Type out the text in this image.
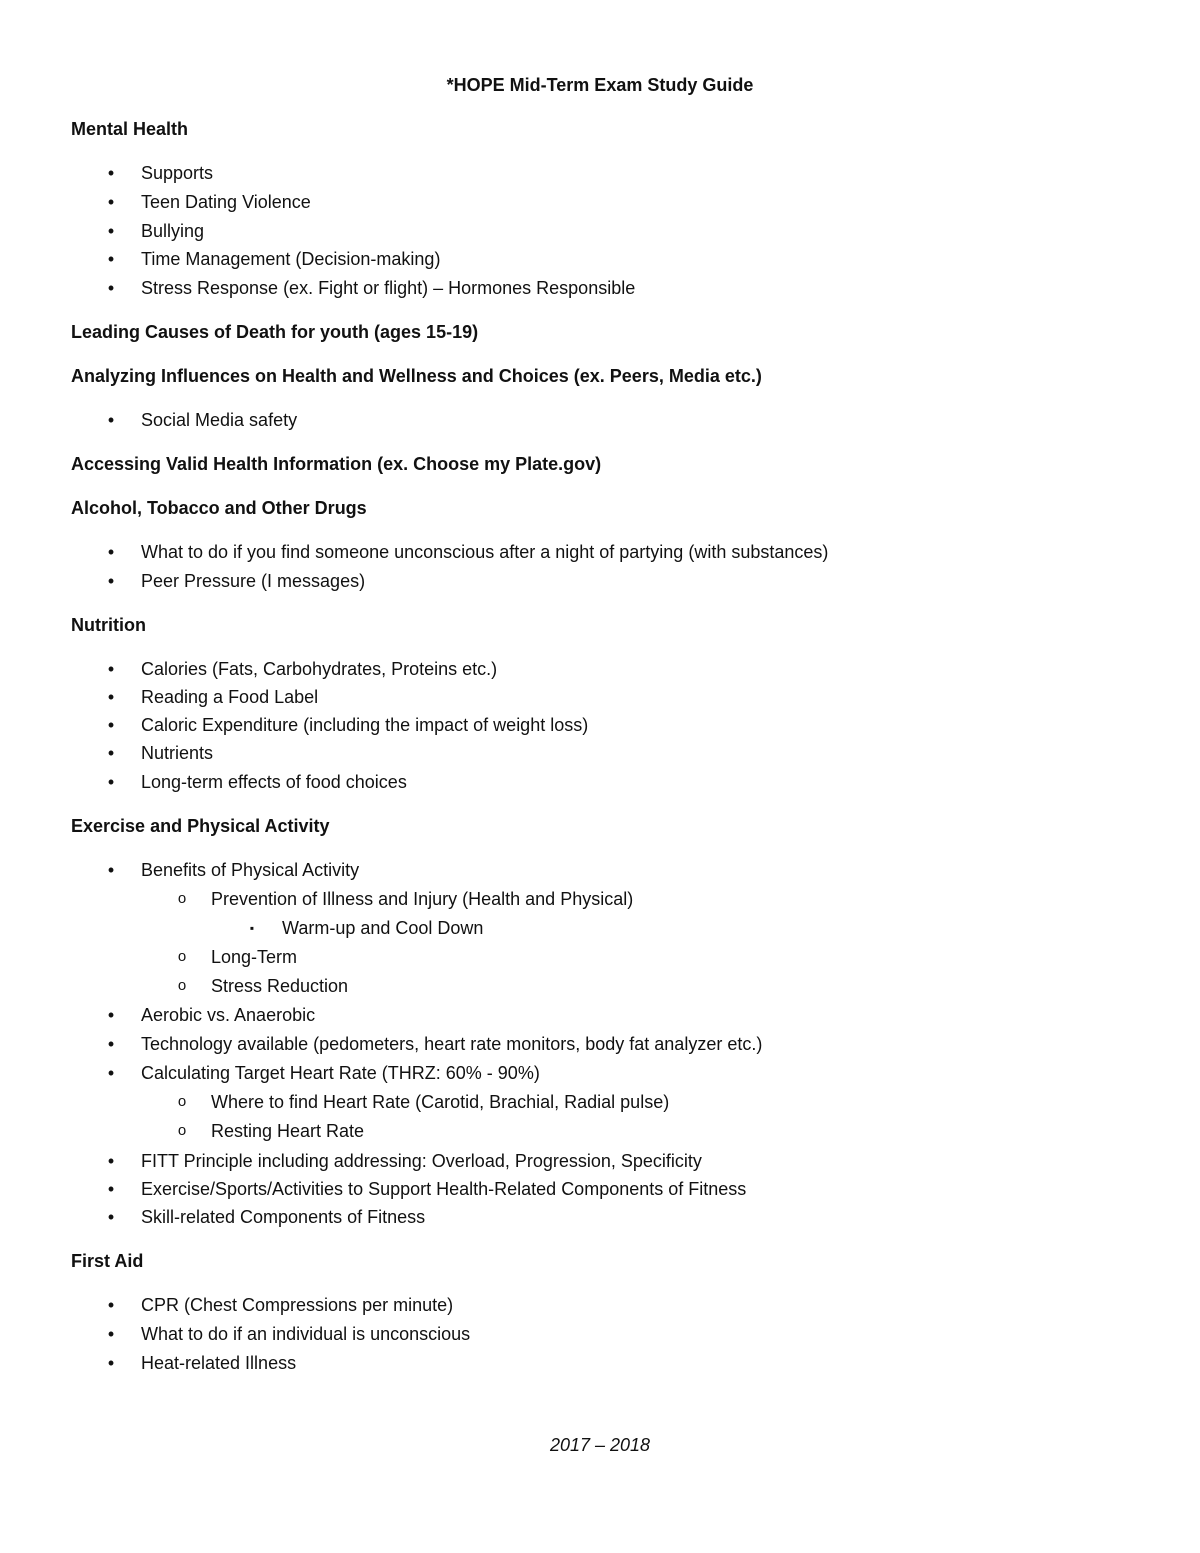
*HOPE Mid-Term Exam Study Guide
Mental Health
•	Supports
•	Teen Dating Violence
•	Bullying
•	Time Management (Decision-making)
•	Stress Response (ex. Fight or flight) – Hormones Responsible
Leading Causes of Death for youth (ages 15-19)
Analyzing Influences on Health and Wellness and Choices (ex. Peers, Media etc.)
•	Social Media safety
Accessing Valid Health Information (ex. Choose my Plate.gov)
Alcohol, Tobacco and Other Drugs
•	What to do if you find someone unconscious after a night of partying (with substances)
•	Peer Pressure (I messages)
Nutrition
•	Calories (Fats, Carbohydrates, Proteins etc.)
•	Reading a Food Label
•	Caloric Expenditure (including the impact of weight loss)
•	Nutrients
•	Long-term effects of food choices
Exercise and Physical Activity
•	Benefits of Physical Activity
o	Prevention of Illness and Injury (Health and Physical)
▪	Warm-up and Cool Down
o	Long-Term
o	Stress Reduction
•	Aerobic vs. Anaerobic
•	Technology available (pedometers, heart rate monitors, body fat analyzer etc.)
•	Calculating Target Heart Rate (THRZ: 60% - 90%)
o	Where to find Heart Rate (Carotid, Brachial, Radial pulse)
o	Resting Heart Rate
•	FITT Principle including addressing: Overload, Progression, Specificity
•	Exercise/Sports/Activities to Support Health-Related Components of Fitness
•	Skill-related Components of Fitness
First Aid
•	CPR (Chest Compressions per minute)
•	What to do if an individual is unconscious
•	Heat-related Illness
2017 – 2018
